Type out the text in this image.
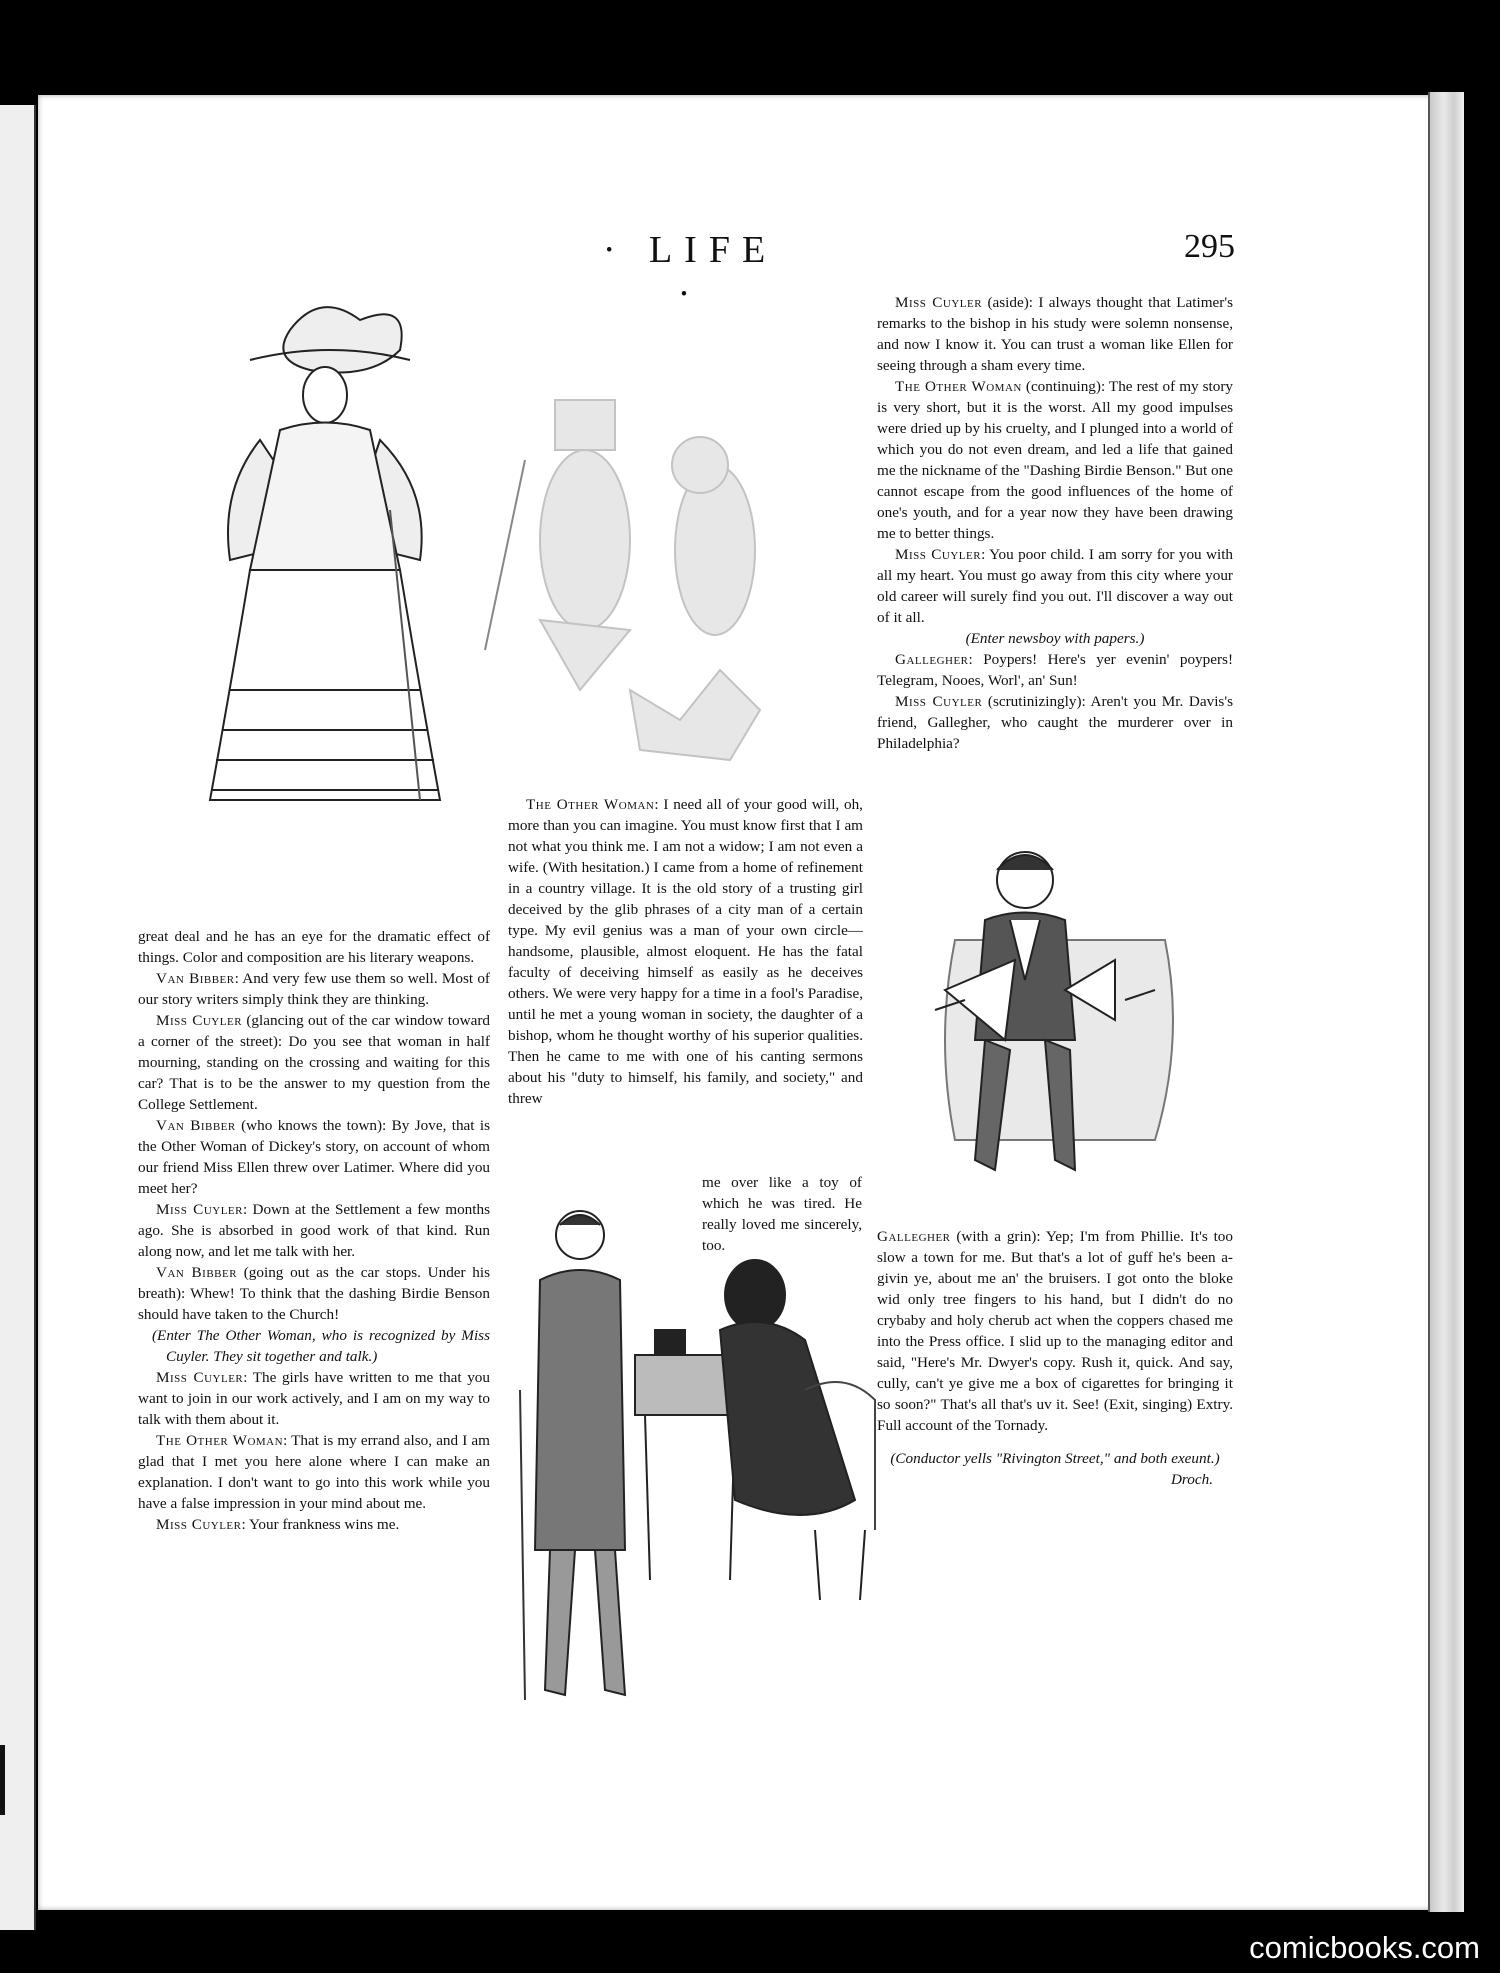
· LIFE ·
295

great deal and he has an eye for the dramatic effect of things. Color and composition are his literary weapons.

Van Bibber: And very few use them so well. Most of our story writers simply think they are thinking.

Miss Cuyler (glancing out of the car window toward a corner of the street): Do you see that woman in half mourning, standing on the crossing and waiting for this car? That is to be the answer to my question from the College Settlement.

Van Bibber (who knows the town): By Jove, that is the Other Woman of Dickey's story, on account of whom our friend Miss Ellen threw over Latimer. Where did you meet her?

Miss Cuyler: Down at the Settlement a few months ago. She is absorbed in good work of that kind. Run along now, and let me talk with her.

Van Bibber (going out as the car stops. Under his breath): Whew! To think that the dashing Birdie Benson should have taken to the Church!

(Enter The Other Woman, who is recognized by Miss Cuyler. They sit together and talk.)

Miss Cuyler: The girls have written to me that you want to join in our work actively, and I am on my way to talk with them about it.

The Other Woman: That is my errand also, and I am glad that I met you here alone where I can make an explanation. I don't want to go into this work while you have a false impression in your mind about me.

Miss Cuyler: Your frankness wins me.

The Other Woman: I need all of your good will, oh, more than you can imagine. You must know first that I am not what you think me. I am not a widow; I am not even a wife. (With hesitation.) I came from a home of refinement in a country village. It is the old story of a trusting girl deceived by the glib phrases of a city man of a certain type. My evil genius was a man of your own circle— handsome, plausible, almost eloquent. He has the fatal faculty of deceiving himself as easily as he deceives others. We were very happy for a time in a fool's Paradise, until he met a young woman in society, the daughter of a bishop, whom he thought worthy of his superior qualities. Then he came to me with one of his canting sermons about his "duty to himself, his family, and society," and threw

me over like a toy of which he was tired. He really loved me sincerely, too.

Miss Cuyler (aside): I always thought that Latimer's remarks to the bishop in his study were solemn nonsense, and now I know it. You can trust a woman like Ellen for seeing through a sham every time.

The Other Woman (continuing): The rest of my story is very short, but it is the worst. All my good impulses were dried up by his cruelty, and I plunged into a world of which you do not even dream, and led a life that gained me the nickname of the "Dashing Birdie Benson." But one cannot escape from the good influences of the home of one's youth, and for a year now they have been drawing me to better things.

Miss Cuyler: You poor child. I am sorry for you with all my heart. You must go away from this city where your old career will surely find you out. I'll discover a way out of it all.

(Enter newsboy with papers.)

Gallegher: Poypers! Here's yer evenin' poypers! Telegram, Nooes, Worl', an' Sun!

Miss Cuyler (scrutinizingly): Aren't you Mr. Davis's friend, Gallegher, who caught the murderer over in Philadelphia?

Gallegher (with a grin): Yep; I'm from Phillie. It's too slow a town for me. But that's a lot of guff he's been a-givin ye, about me an' the bruisers. I got onto the bloke wid only tree fingers to his hand, but I didn't do no crybaby and holy cherub act when the coppers chased me into the Press office. I slid up to the managing editor and said, "Here's Mr. Dwyer's copy. Rush it, quick. And say, cully, can't ye give me a box of cigarettes for bringing it so soon?" That's all that's uv it. See! (Exit, singing) Extry. Full account of the Tornady.

(Conductor yells "Rivington Street," and both exeunt.)

Droch.

comicbooks.com
